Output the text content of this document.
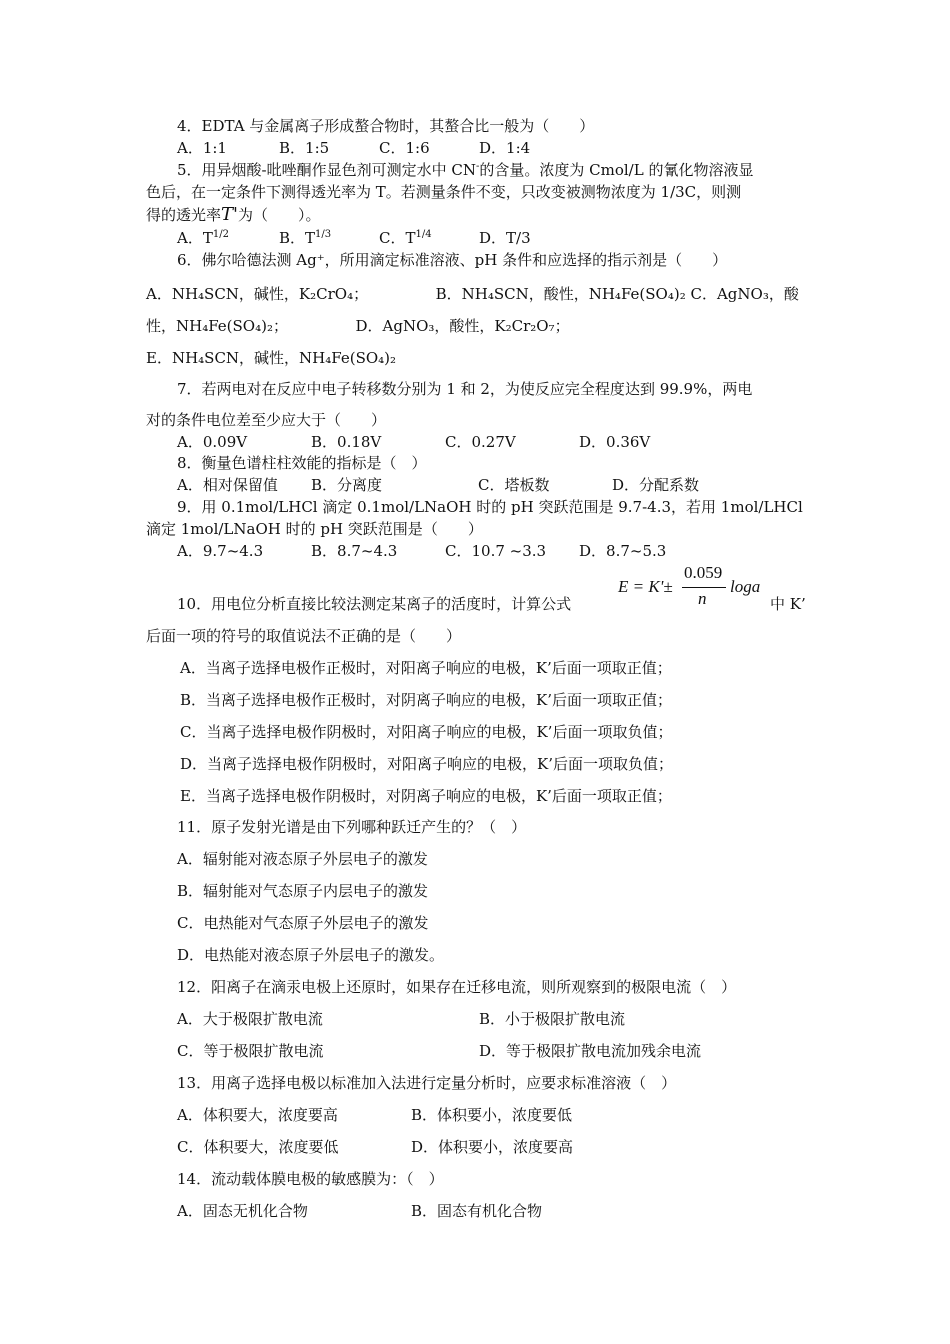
4．EDTA 与金属离子形成螯合物时，其螯合比一般为（　　）
A．1:1	B．1:5	C．1:6	D．1:4
5．用异烟酸-吡唑酮作显色剂可测定水中 CN-的含量。浓度为 Cmol/L 的氰化物溶液显
色后，在一定条件下测得透光率为 T。若测量条件不变，只改变被测物浓度为 1/3C，则测
得的透光率T'为（　　）。
A．$T^{1/2}$	B．$T^{1/3}$	C．$T^{1/4}$	D．T/3
6．佛尔哈德法测 Ag⁺，所用滴定标准溶液、pH 条件和应选择的指示剂是（　　）
A．NH₄SCN，碱性，K₂CrO₄；　　　　　B．NH₄SCN，酸性，NH₄Fe(SO₄)₂ C．AgNO₃，酸
性，NH₄Fe(SO₄)₂；　　　　　D．AgNO₃，酸性，K₂Cr₂O₇；
E．NH₄SCN，碱性，NH₄Fe(SO₄)₂
7．若两电对在反应中电子转移数分别为 1 和 2，为使反应完全程度达到 99.9%，两电
对的条件电位差至少应大于（　　）
A．0.09V	B．0.18V	C．0.27V	D．0.36V
8．衡量色谱柱柱效能的指标是（　）
A．相对保留值 B．分离度	C．塔板数	D．分配系数
9．用 0.1mol/LHCl 滴定 0.1mol/LNaOH 时的 pH 突跃范围是 9.7-4.3，若用 1mol/LHCl
滴定 1mol/LNaOH 时的 pH 突跃范围是（　　）
A．9.7~4.3	B．8.7~4.3	C．10.7 ~3.3 D．8.7~5.3
10．用电位分析直接比较法测定某离子的活度时，计算公式
E = K'±
0.059
n
loga
中 K’
后面一项的符号的取值说法不正确的是（　　）
A．当离子选择电极作正极时，对阳离子响应的电极，K’后面一项取正值；
B．当离子选择电极作正极时，对阴离子响应的电极，K’后面一项取正值；
C．当离子选择电极作阴极时，对阳离子响应的电极，K’后面一项取负值；
D．当离子选择电极作阴极时，对阳离子响应的电极，K’后面一项取负值；
E．当离子选择电极作阴极时，对阴离子响应的电极，K’后面一项取正值；
11．原子发射光谱是由下列哪种跃迁产生的？（　）
A．辐射能对液态原子外层电子的激发
B．辐射能对气态原子内层电子的激发
C．电热能对气态原子外层电子的激发
D．电热能对液态原子外层电子的激发。
12．阳离子在滴汞电极上还原时，如果存在迁移电流，则所观察到的极限电流（　）
A．大于极限扩散电流	B．小于极限扩散电流
C．等于极限扩散电流	D．等于极限扩散电流加残余电流
13．用离子选择电极以标准加入法进行定量分析时，应要求标准溶液（　）
A．体积要大，浓度要高	B．体积要小，浓度要低
C．体积要大，浓度要低	D．体积要小，浓度要高
14．流动载体膜电极的敏感膜为：（　）
A．固态无机化合物	B．固态有机化合物
